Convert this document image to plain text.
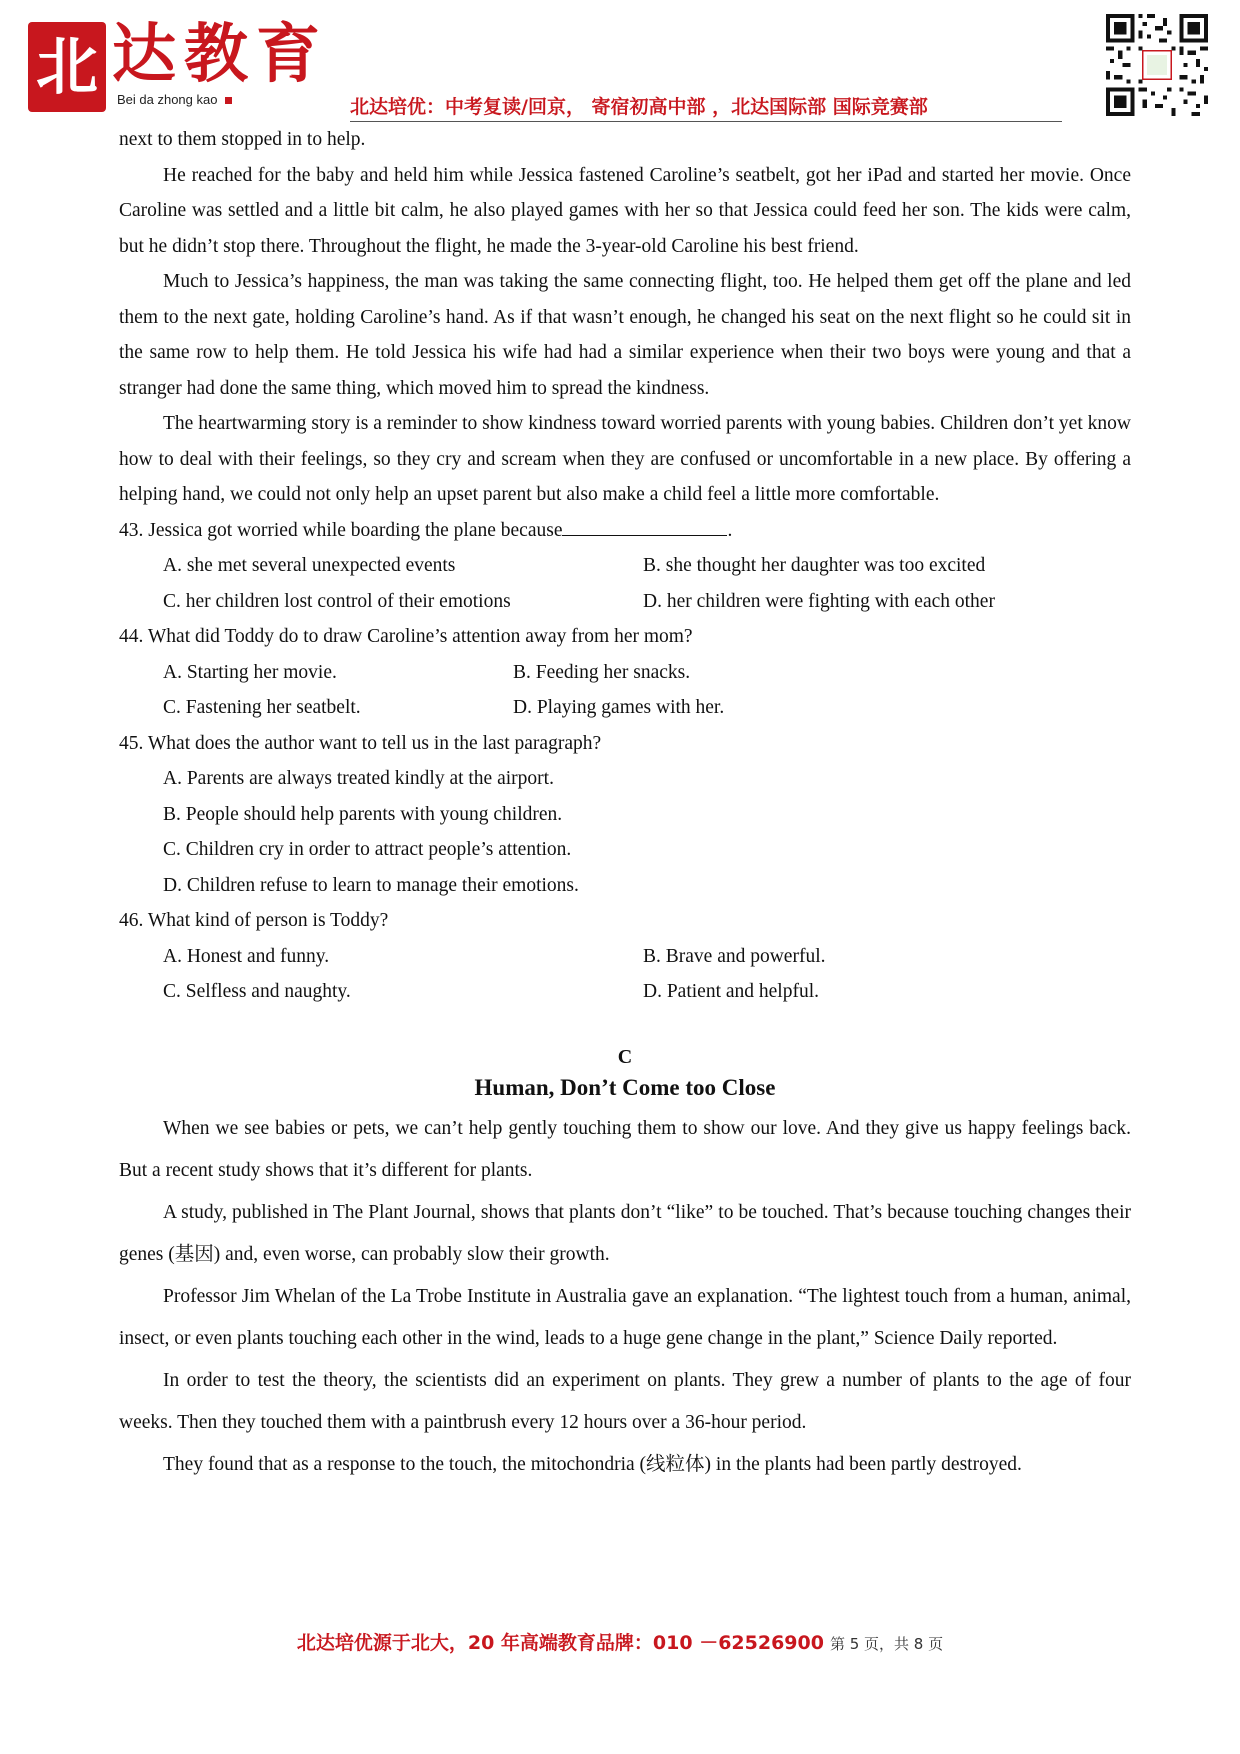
北 达教育
Bei da zhong kao	北达培优：中考复读/回京， 寄宿初高中部 ，北达国际部 国际竞赛部

next to them stopped in to help.

He reached for the baby and held him while Jessica fastened Caroline’s seatbelt, got her iPad and started her movie. Once Caroline was settled and a little bit calm, he also played games with her so that Jessica could feed her son. The kids were calm, but he didn’t stop there. Throughout the flight, he made the 3-year-old Caroline his best friend.

Much to Jessica’s happiness, the man was taking the same connecting flight, too. He helped them get off the plane and led them to the next gate, holding Caroline’s hand. As if that wasn’t enough, he changed his seat on the next flight so he could sit in the same row to help them. He told Jessica his wife had had a similar experience when their two boys were young and that a stranger had done the same thing, which moved him to spread the kindness.

The heartwarming story is a reminder to show kindness toward worried parents with young babies. Children don’t yet know how to deal with their feelings, so they cry and scream when they are confused or uncomfortable in a new place. By offering a helping hand, we could not only help an upset parent but also make a child feel a little more comfortable.

43. Jessica got worried while boarding the plane because	.

A. she met several unexpected events	B. she thought her daughter was too excited
C. her children lost control of their emotions	D. her children were fighting with each other

44. What did Toddy do to draw Caroline’s attention away from her mom?

A. Starting her movie.	B. Feeding her snacks.
C. Fastening her seatbelt.	D. Playing games with her.

45. What does the author want to tell us in the last paragraph?

A. Parents are always treated kindly at the airport.
B. People should help parents with young children.
C. Children cry in order to attract people’s attention.
D. Children refuse to learn to manage their emotions.

46. What kind of person is Toddy?

A. Honest and funny.	B. Brave and powerful.
C. Selfless and naughty.	D. Patient and helpful.
C
Human, Don’t Come too Close

When we see babies or pets, we can’t help gently touching them to show our love. And they give us happy feelings back. But a recent study shows that it’s different for plants.

A study, published in The Plant Journal, shows that plants don’t “like” to be touched. That’s because touching changes their genes (基因) and, even worse, can probably slow their growth.

Professor Jim Whelan of the La Trobe Institute in Australia gave an explanation. “The lightest touch from a human, animal, insect, or even plants touching each other in the wind, leads to a huge gene change in the plant,” Science Daily reported.

In order to test the theory, the scientists did an experiment on plants. They grew a number of plants to the age of four weeks. Then they touched them with a paintbrush every 12 hours over a 36-hour period.

They found that as a response to the touch, the mitochondria (线粒体) in the plants had been partly destroyed.

北达培优源于北大，20 年高端教育品牌：010 －62526900 第 5 页，共 8 页
